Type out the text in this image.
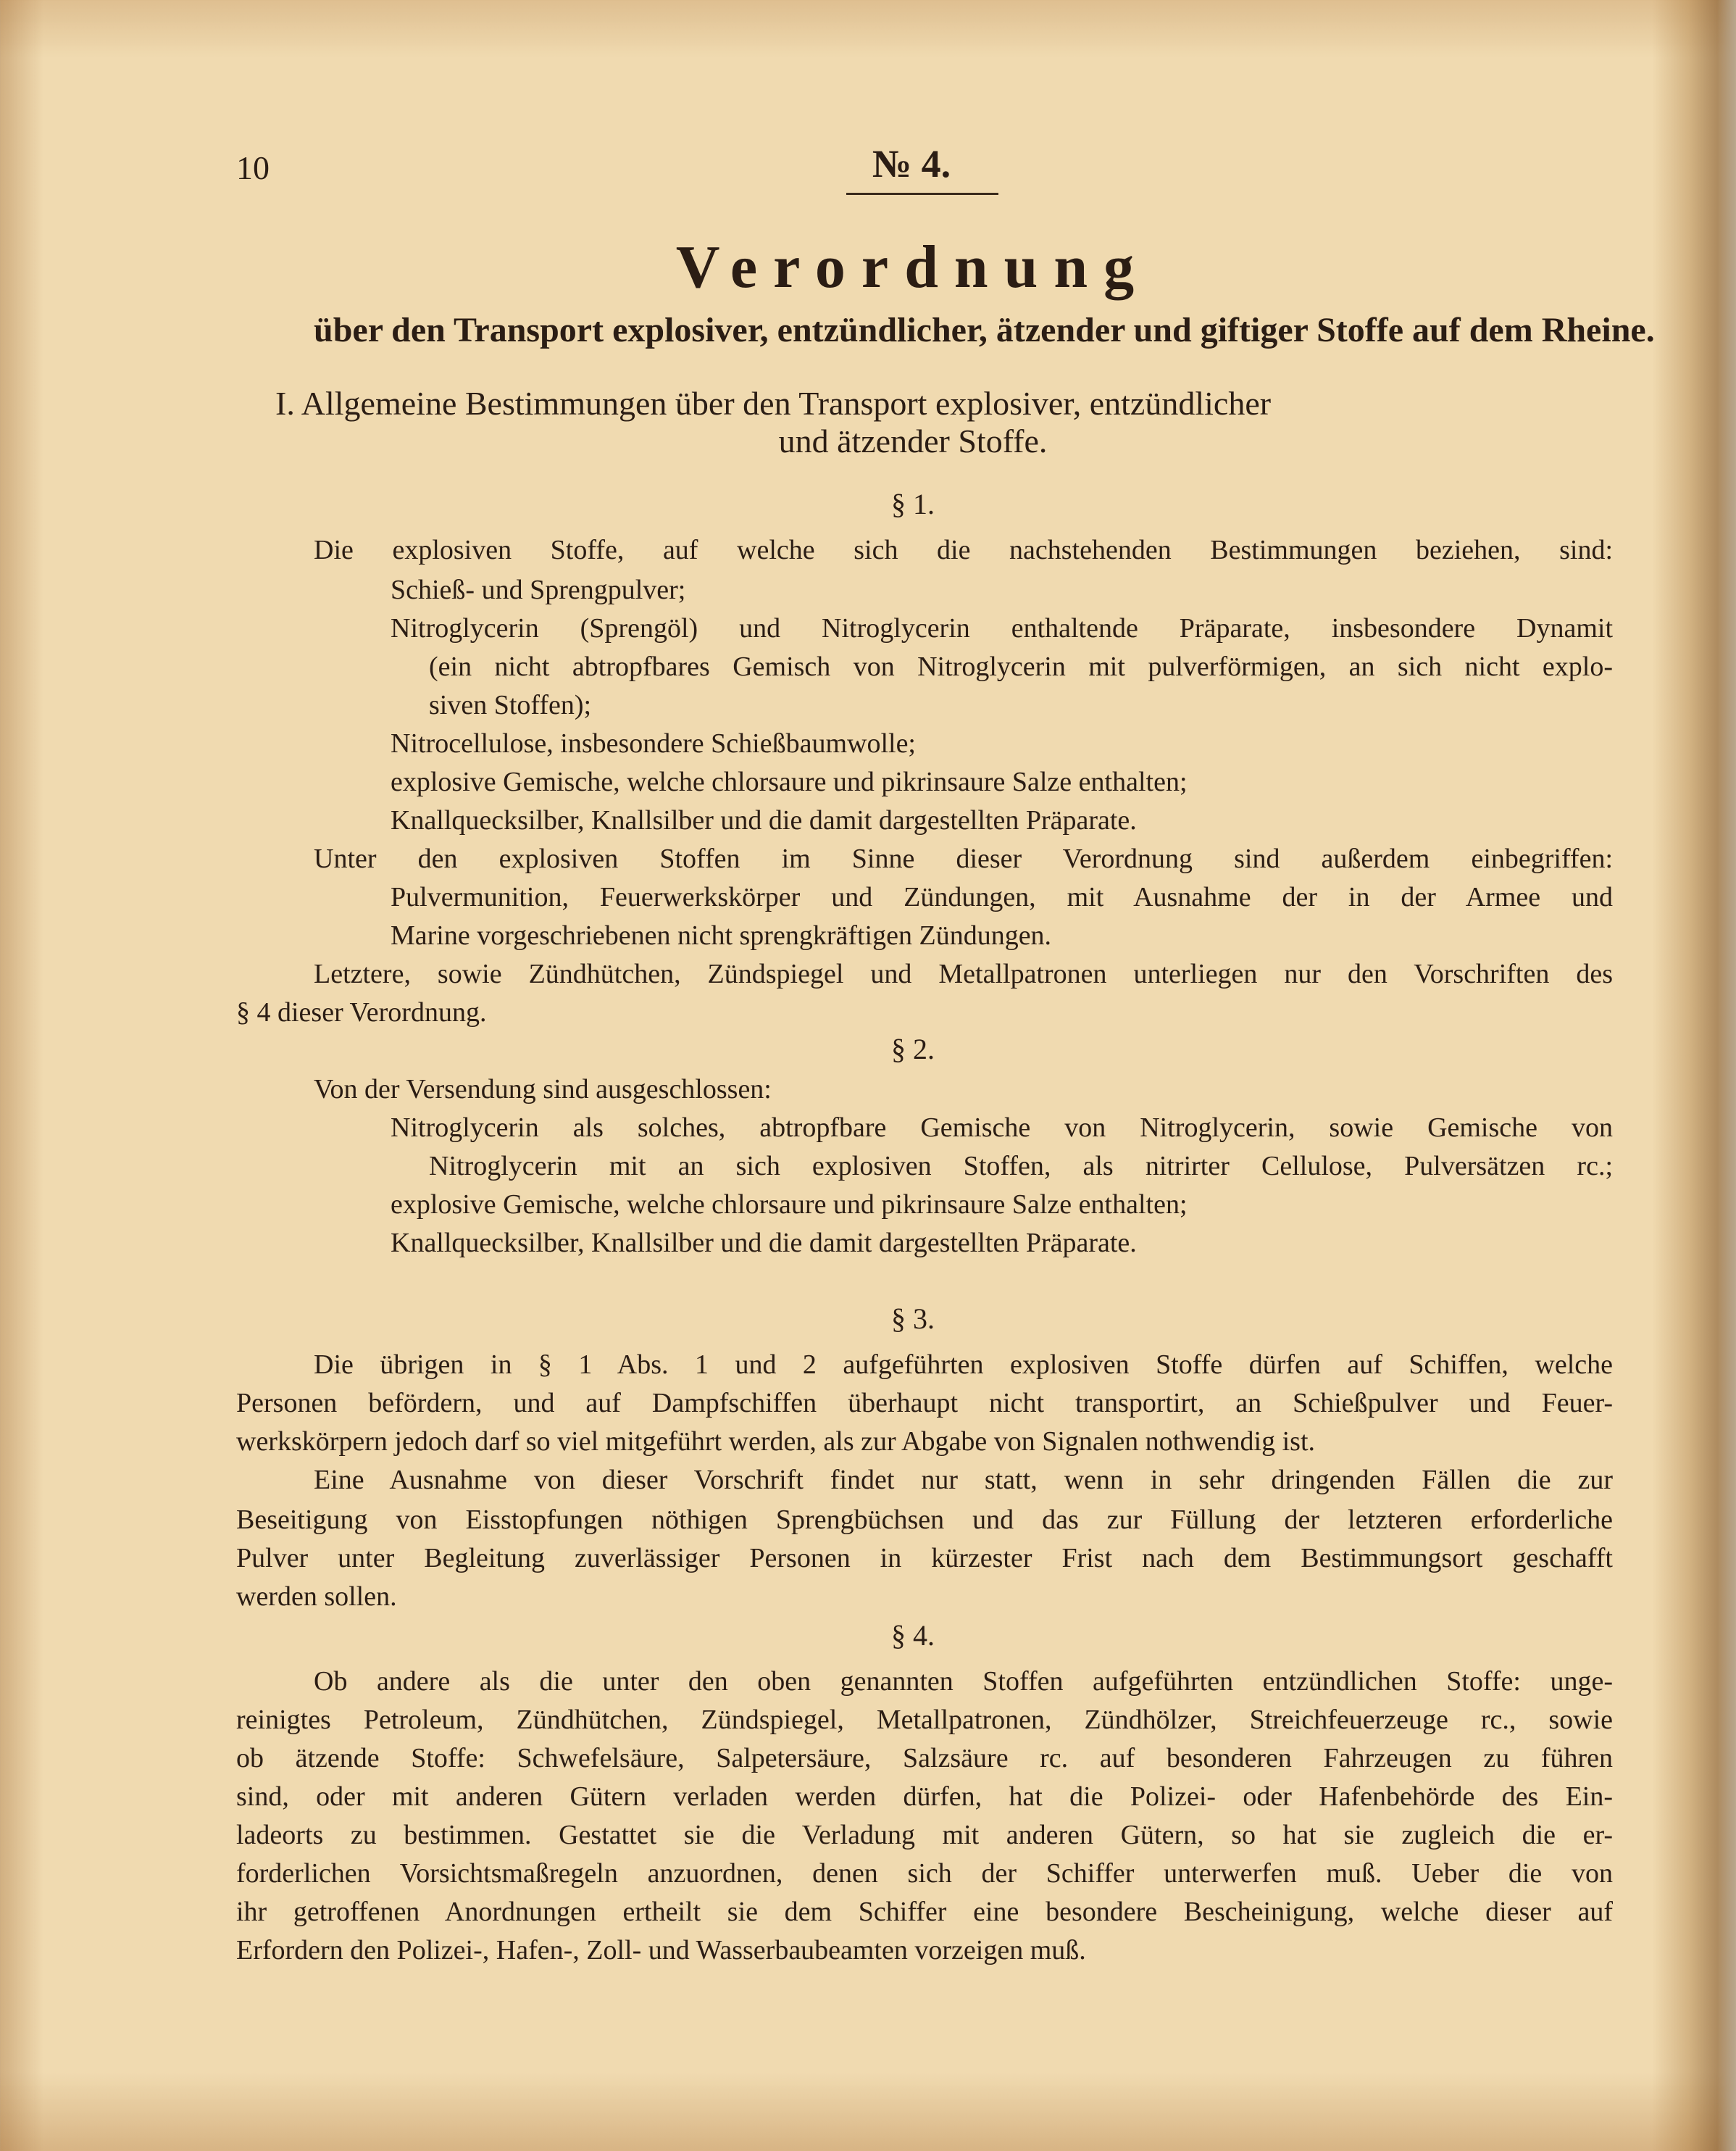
10	№ 4.
Verordnung
über den Transport explosiver, entzündlicher, ätzender und giftiger Stoffe auf dem Rheine.
I. Allgemeine Bestimmungen über den Transport explosiver, entzündlicher
und ätzender Stoffe.
§ 1.
§ 2.
§ 3.
§ 4.
Die explosiven Stoffe, auf welche sich die nachstehenden Bestimmungen beziehen, sind:
Schieß- und Sprengpulver;
Nitroglycerin (Sprengöl) und Nitroglycerin enthaltende Präparate, insbesondere Dynamit
(ein nicht abtropfbares Gemisch von Nitroglycerin mit pulverförmigen, an sich nicht explo-
siven Stoffen);
Nitrocellulose, insbesondere Schießbaumwolle;
explosive Gemische, welche chlorsaure und pikrinsaure Salze enthalten;
Knallquecksilber, Knallsilber und die damit dargestellten Präparate.
Unter den explosiven Stoffen im Sinne dieser Verordnung sind außerdem einbegriffen:
Pulvermunition, Feuerwerkskörper und Zündungen, mit Ausnahme der in der Armee und
Marine vorgeschriebenen nicht sprengkräftigen Zündungen.
Letztere, sowie Zündhütchen, Zündspiegel und Metallpatronen unterliegen nur den Vorschriften des
§ 4 dieser Verordnung.
Von der Versendung sind ausgeschlossen:
Nitroglycerin als solches, abtropfbare Gemische von Nitroglycerin, sowie Gemische von
Nitroglycerin mit an sich explosiven Stoffen, als nitrirter Cellulose, Pulversätzen rc.;
explosive Gemische, welche chlorsaure und pikrinsaure Salze enthalten;
Knallquecksilber, Knallsilber und die damit dargestellten Präparate.
Die übrigen in § 1 Abs. 1 und 2 aufgeführten explosiven Stoffe dürfen auf Schiffen, welche
Personen befördern, und auf Dampfschiffen überhaupt nicht transportirt, an Schießpulver und Feuer-
werkskörpern jedoch darf so viel mitgeführt werden, als zur Abgabe von Signalen nothwendig ist.
Eine Ausnahme von dieser Vorschrift findet nur statt, wenn in sehr dringenden Fällen die zur
Beseitigung von Eisstopfungen nöthigen Sprengbüchsen und das zur Füllung der letzteren erforderliche
Pulver unter Begleitung zuverlässiger Personen in kürzester Frist nach dem Bestimmungsort geschafft
werden sollen.
Ob andere als die unter den oben genannten Stoffen aufgeführten entzündlichen Stoffe: unge-
reinigtes Petroleum, Zündhütchen, Zündspiegel, Metallpatronen, Zündhölzer, Streichfeuerzeuge rc., sowie
ob ätzende Stoffe: Schwefelsäure, Salpetersäure, Salzsäure rc. auf besonderen Fahrzeugen zu führen
sind, oder mit anderen Gütern verladen werden dürfen, hat die Polizei- oder Hafenbehörde des Ein-
ladeorts zu bestimmen. Gestattet sie die Verladung mit anderen Gütern, so hat sie zugleich die er-
forderlichen Vorsichtsmaßregeln anzuordnen, denen sich der Schiffer unterwerfen muß. Ueber die von
ihr getroffenen Anordnungen ertheilt sie dem Schiffer eine besondere Bescheinigung, welche dieser auf
Erfordern den Polizei-, Hafen-, Zoll- und Wasserbaubeamten vorzeigen muß.
